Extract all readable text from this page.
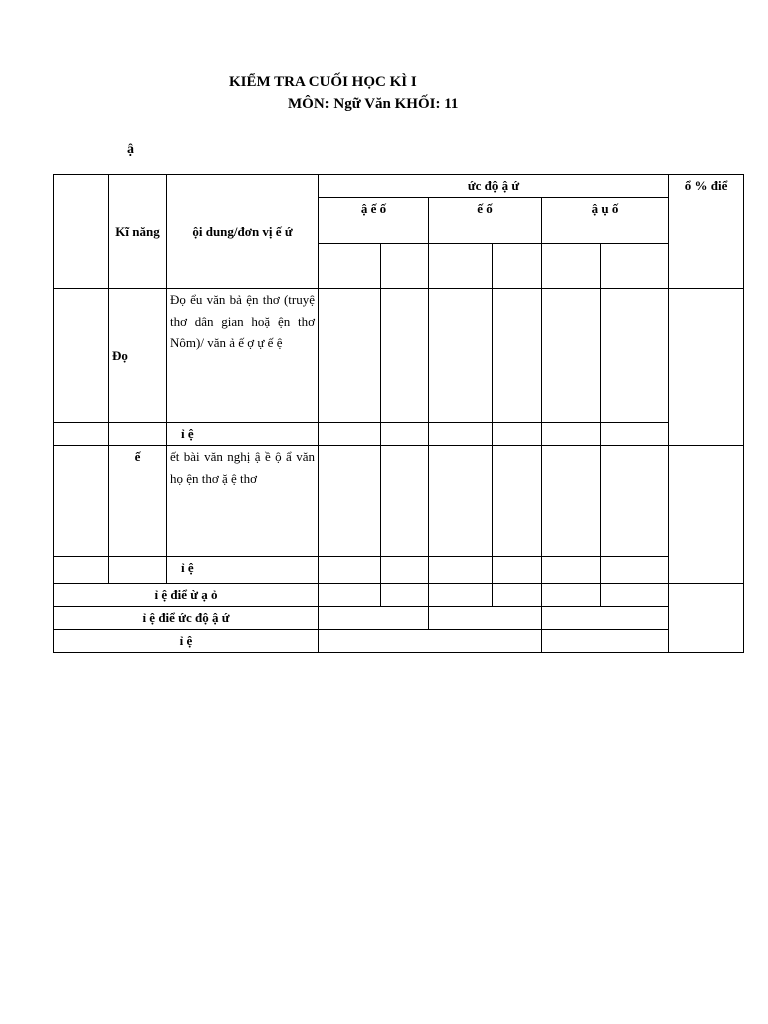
KIỂM TRA CUỐI HỌC KÌ I
MÔN: Ngữ Văn KHỐI: 11
ậ
	Kĩ năng	ội dung/đơn vị ế ứ	ức độ ậ ứ						ổ % điể
			ậ ế ố		ế ố		ậ ụ ố		

	Đọ	Đọ ểu văn bả ện thơ (truyệ thơ dân gian hoặ ện thơ Nôm)/ văn ả ế ợ ự ế ệ							
		ỉ ệ							
	ế	ết bài văn nghị ậ ề ộ ẩ văn họ ện thơ ặ ệ thơ							
		ỉ ệ							
ỉ ệ điể ừ ạ ỏ									
ỉ ệ điể ức độ ậ ứ									
ỉ ệ									
